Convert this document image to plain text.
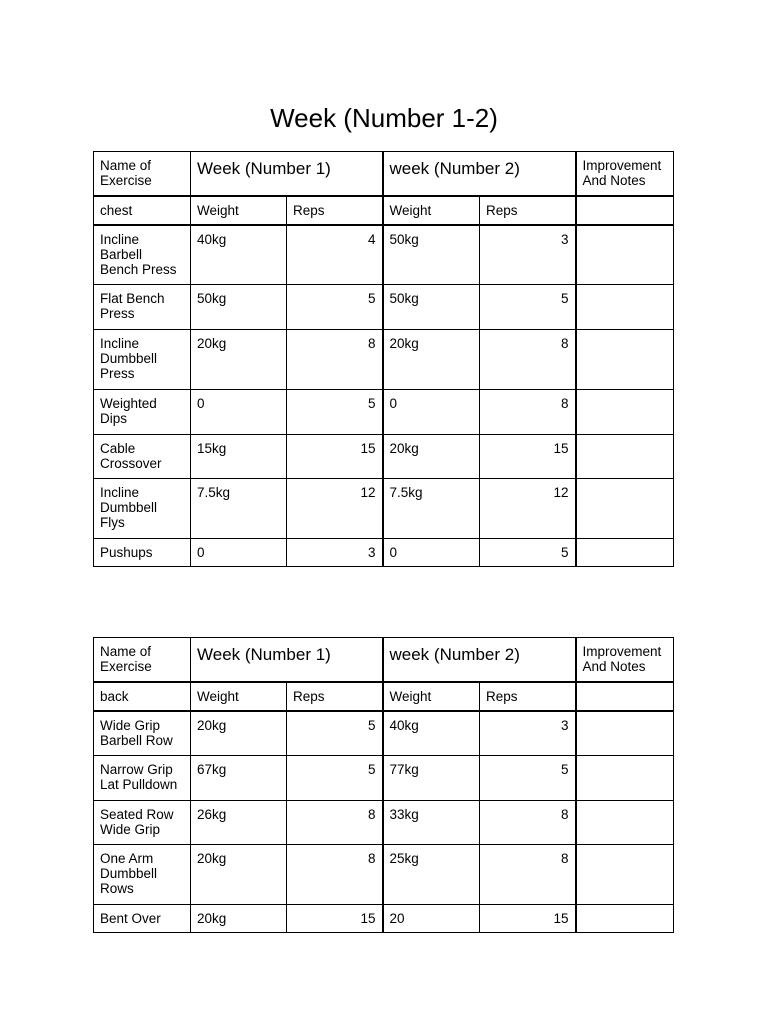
Week (Number 1-2)
Name of Exercise	Week (Number 1)		week (Number 2)		Improvement And Notes
chest	Weight	Reps	Weight	Reps	
Incline Barbell Bench Press	40kg	4	50kg	3	
Flat Bench Press	50kg	5	50kg	5	
Incline Dumbbell Press	20kg	8	20kg	8	
Weighted Dips	0	5	0	8	
Cable Crossover	15kg	15	20kg	15	
Incline Dumbbell Flys	7.5kg	12	7.5kg	12	
Pushups	0	3	0	5	
Name of Exercise	Week (Number 1)		week (Number 2)		Improvement And Notes
back	Weight	Reps	Weight	Reps	
Wide Grip Barbell Row	20kg	5	40kg	3	
Narrow Grip Lat Pulldown	67kg	5	77kg	5	
Seated Row Wide Grip	26kg	8	33kg	8	
One Arm Dumbbell Rows	20kg	8	25kg	8	
Bent Over	20kg	15	20	15	
